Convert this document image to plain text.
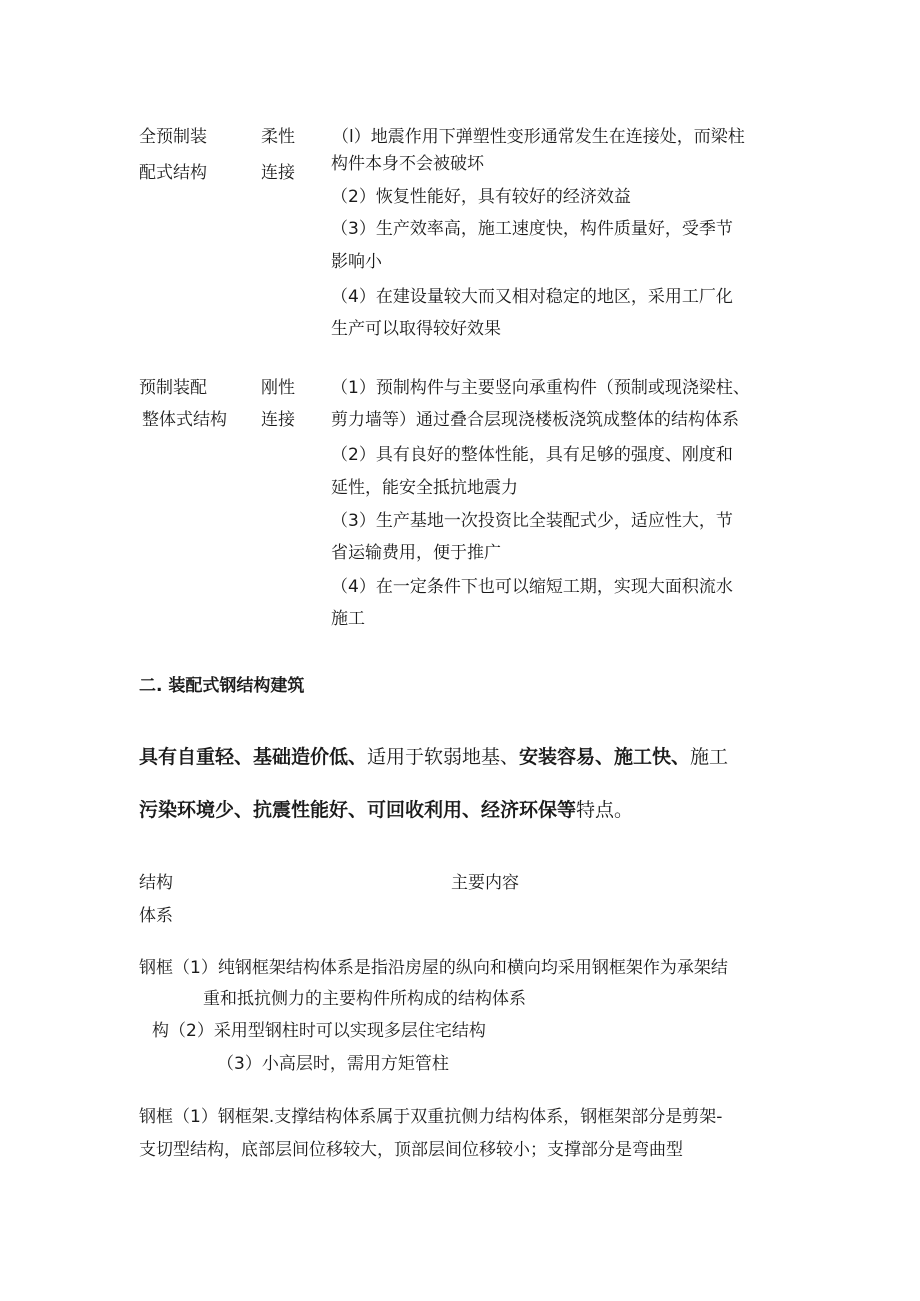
全预制装
配式结构
柔性
连接
（l）地震作用下弹塑性变形通常发生在连接处，而梁柱
构件本身不会被破坏
（2）恢复性能好，具有较好的经济效益
（3）生产效率高，施工速度快，构件质量好，受季节
影响小
（4）在建设量较大而又相对稳定的地区，采用工厂化
生产可以取得较好效果
预制装配
整体式结构
刚性
连接
（1）预制构件与主要竖向承重构件（预制或现浇梁柱、
剪力墙等）通过叠合层现浇楼板浇筑成整体的结构体系
（2）具有良好的整体性能，具有足够的强度、刚度和
延性，能安全抵抗地震力
（3）生产基地一次投资比全装配式少，适应性大，节
省运输费用，便于推广
（4）在一定条件下也可以缩短工期，实现大面积流水
施工
二. 装配式钢结构建筑
具有自重轻、基础造价低、适用于软弱地基、安装容易、施工快、施工
污染环境少、抗震性能好、可回收利用、经济环保等特点。
结构
体系
主要内容
钢框（1）纯钢框架结构体系是指沿房屋的纵向和横向均采用钢框架作为承架结
重和抵抗侧力的主要构件所构成的结构体系
构（2）采用型钢柱时可以实现多层住宅结构
（3）小高层时，需用方矩管柱
钢框（1）钢框架.支撑结构体系属于双重抗侧力结构体系，钢框架部分是剪架-
支切型结构，底部层间位移较大，顶部层间位移较小；支撑部分是弯曲型
